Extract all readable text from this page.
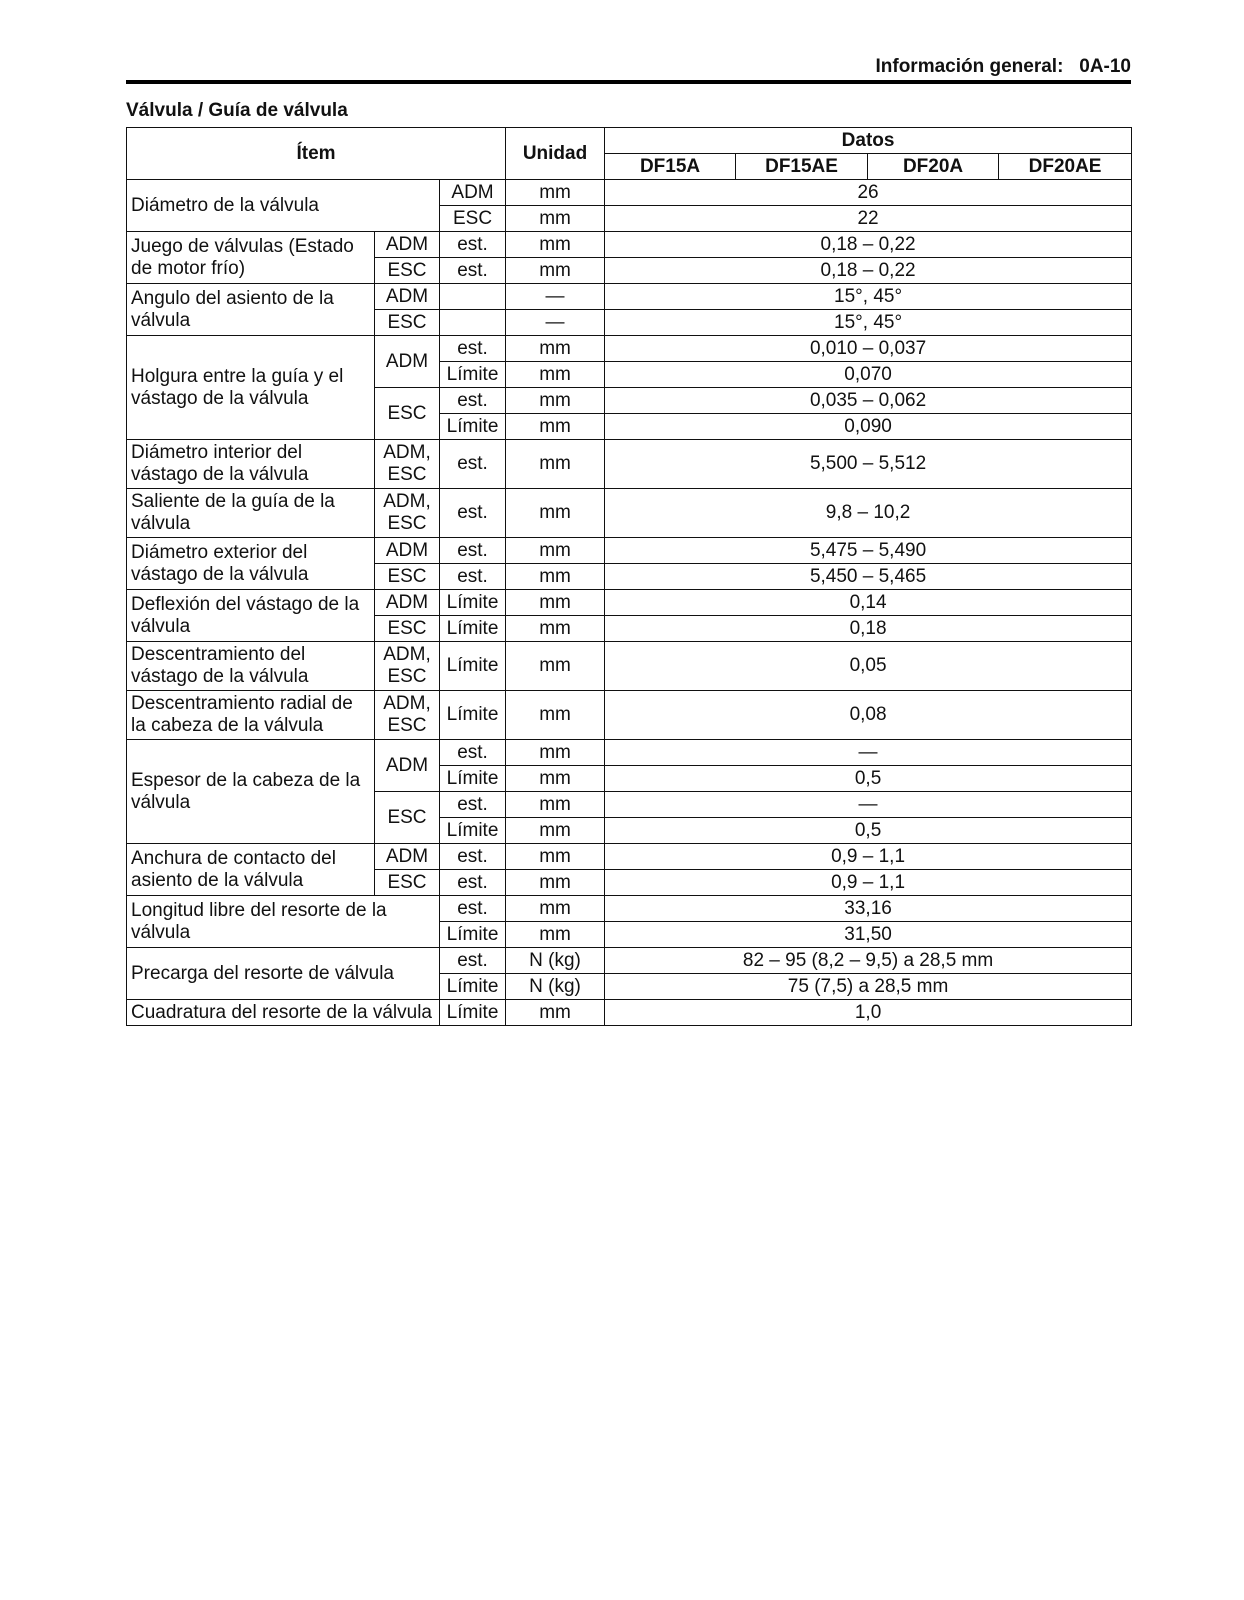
Información general: 0A-10
Válvula / Guía de válvula
Ítem			Unidad	Datos			
				DF15A	DF15AE	DF20A	DF20AE
Diámetro de la válvula		ADM	mm	26			
		ESC	mm	22			
Juego de válvulas (Estado de motor frío)	ADM	est.	mm	0,18 – 0,22			
	ESC	est.	mm	0,18 – 0,22			
Angulo del asiento de la válvula	ADM		—	15°, 45°			
	ESC		—	15°, 45°			
Holgura entre la guía y el vástago de la válvula	ADM	est.	mm	0,010 – 0,037			
		Límite	mm	0,070			
	ESC	est.	mm	0,035 – 0,062			
		Límite	mm	0,090			
Diámetro interior del vástago de la válvula	ADM, ESC	est.	mm	5,500 – 5,512			
Saliente de la guía de la válvula	ADM, ESC	est.	mm	9,8 – 10,2			
Diámetro exterior del vástago de la válvula	ADM	est.	mm	5,475 – 5,490			
	ESC	est.	mm	5,450 – 5,465			
Deflexión del vástago de la válvula	ADM	Límite	mm	0,14			
	ESC	Límite	mm	0,18			
Descentramiento del vástago de la válvula	ADM, ESC	Límite	mm	0,05			
Descentramiento radial de la cabeza de la válvula	ADM, ESC	Límite	mm	0,08			
Espesor de la cabeza de la válvula	ADM	est.	mm	—			
		Límite	mm	0,5			
	ESC	est.	mm	—			
		Límite	mm	0,5			
Anchura de contacto del asiento de la válvula	ADM	est.	mm	0,9 – 1,1			
	ESC	est.	mm	0,9 – 1,1			
Longitud libre del resorte de la válvula		est.	mm	33,16			
		Límite	mm	31,50			
Precarga del resorte de válvula		est.	N (kg)	82 – 95 (8,2 – 9,5) a 28,5 mm			
		Límite	N (kg)	75 (7,5) a 28,5 mm			
Cuadratura del resorte de la válvula		Límite	mm	1,0			
